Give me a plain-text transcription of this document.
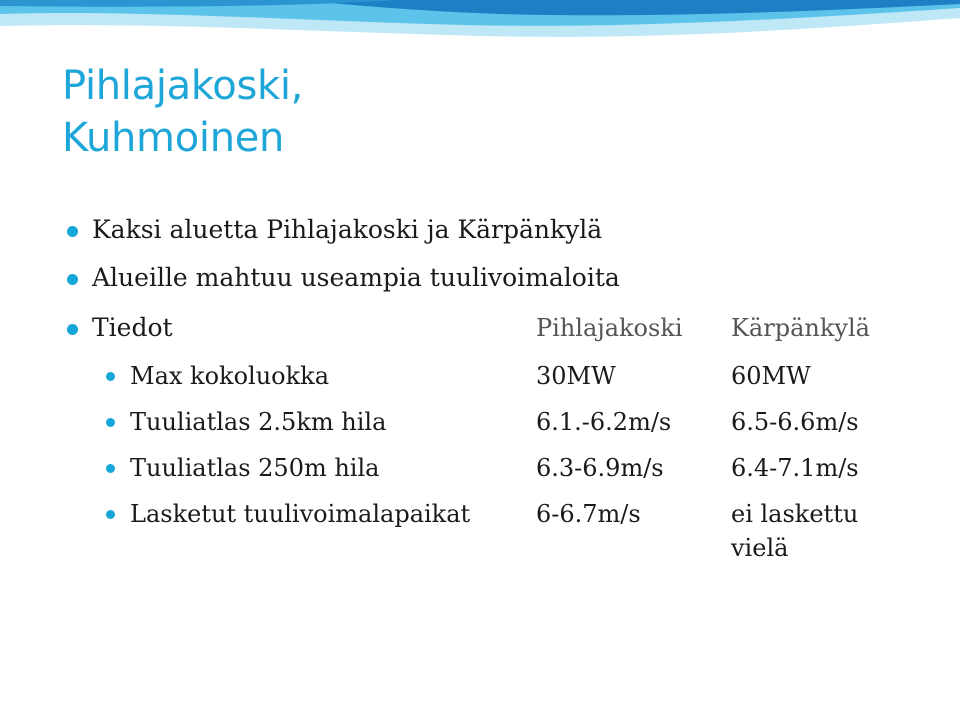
Pihlajakoski,
Kuhmoinen
Kaksi aluetta Pihlajakoski ja Kärpänkylä
Alueille mahtuu useampia tuulivoimaloita
Tiedot	Pihlajakoski Kärpänkylä
Max kokoluokka	30MW	60MW
Tuuliatlas 2.5km hila	6.1.-6.2m/s 6.5-6.6m/s
Tuuliatlas 250m hila	6.3-6.9m/s	6.4-7.1m/s
Lasketut tuulivoimalapaikat	6-6.7m/s	ei laskettu
vielä
